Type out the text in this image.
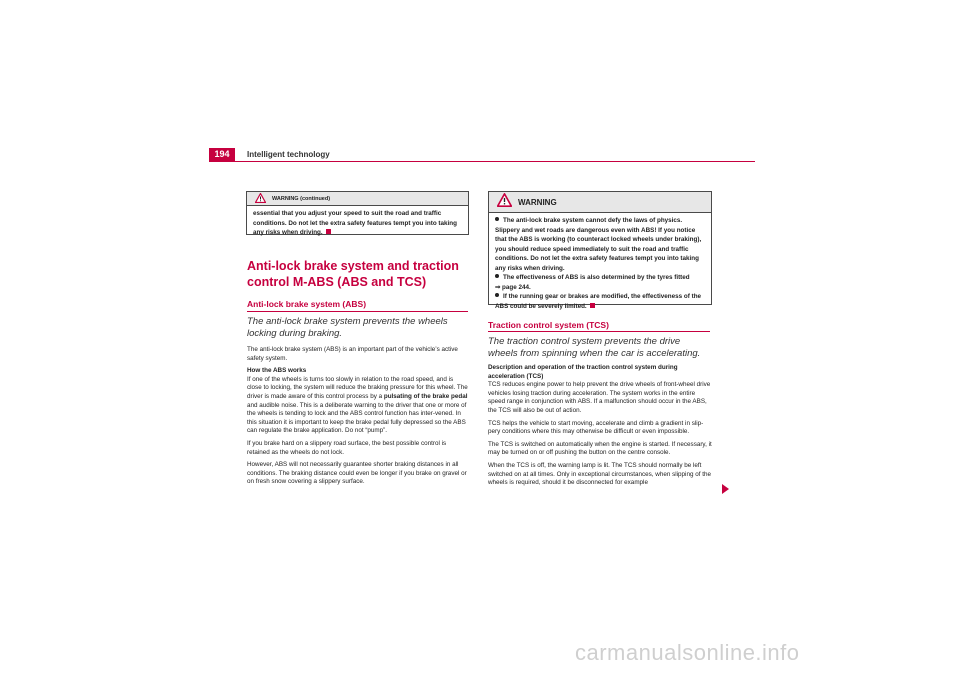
194	Intelligent technology
WARNING (continued)
essential that you adjust your speed to suit the road and traffic conditions. Do not let the extra safety features tempt you into taking any risks when driving.
Anti-lock brake system and traction control M-ABS (ABS and TCS)
Anti-lock brake system (ABS)
The anti-lock brake system prevents the wheels locking during braking.

The anti-lock brake system (ABS) is an important part of the vehicle’s active safety system.

How the ABS works

If one of the wheels is turns too slowly in relation to the road speed, and is close to locking, the system will reduce the braking pressure for this wheel. The driver is made aware of this control process by a pulsating of the brake pedal and audible noise. This is a deliberate warning to the driver that one or more of the wheels is tending to lock and the ABS control function has inter-vened. In this situation it is important to keep the brake pedal fully depressed so the ABS can regulate the brake application. Do not “pump”.

If you brake hard on a slippery road surface, the best possible control is retained as the wheels do not lock.

However, ABS will not necessarily guarantee shorter braking distances in all conditions. The braking distance could even be longer if you brake on gravel or on fresh snow covering a slippery surface.

WARNING
The anti-lock brake system cannot defy the laws of physics. Slippery and wet roads are dangerous even with ABS! If you notice that the ABS is working (to counteract locked wheels under braking), you should reduce speed immediately to suit the road and traffic conditions. Do not let the extra safety features tempt you into taking any risks when driving.
The effectiveness of ABS is also determined by the tyres fitted
⇒ page 244.
If the running gear or brakes are modified, the effectiveness of the ABS could be severely limited.
Traction control system (TCS)
The traction control system prevents the drive wheels from spinning when the car is accelerating.

Description and operation of the traction control system during acceleration (TCS)

TCS reduces engine power to help prevent the drive wheels of front-wheel drive vehicles losing traction during acceleration. The system works in the entire speed range in conjunction with ABS. If a malfunction should occur in the ABS, the TCS will also be out of action.

TCS helps the vehicle to start moving, accelerate and climb a gradient in slip-pery conditions where this may otherwise be difficult or even impossible.

The TCS is switched on automatically when the engine is started. If necessary, it may be turned on or off pushing the button on the centre console.

When the TCS is off, the warning lamp is lit. The TCS should normally be left switched on at all times. Only in exceptional circumstances, when slipping of the wheels is required, should it be disconnected for example

carmanualsonline.info
